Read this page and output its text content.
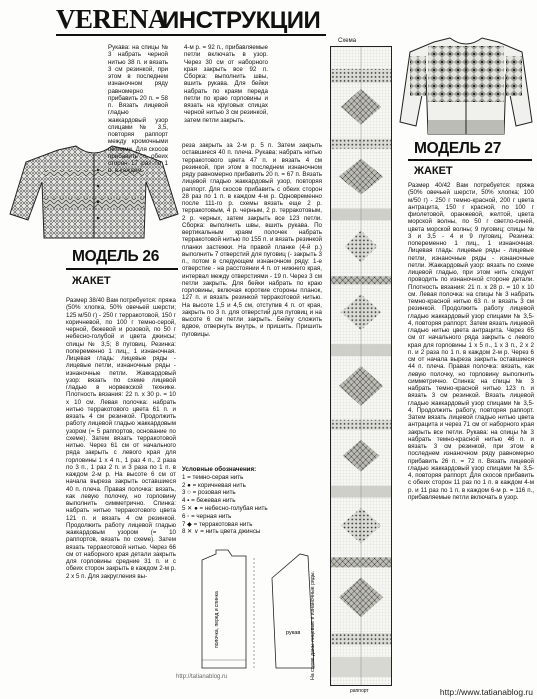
VERENA
ИНСТРУКЦИИ
МОДЕЛЬ 26
ЖАКЕТ

Рукава: на спицы № 3 набрать черной нитью 38 п. и вязать 3 см резинкой, при этом в последнем изнаночном ряду равномерно прибавить 20 п. = 58 п. Вязать лицевой гладью жаккардовый узор спицами № 3,5, повторяя раппорт между кромочными петлями. Для скосов прибавить с обеих сторон 17 раз по 1 п. в каждом

4-м р. = 92 п., прибавляемые петли включать в узор. Через 30 см от наборного края закрыть все 92 п. Сборка: выполнить швы, вшить рукава. Для бейки набрать по краям переда петли по краю горловины и вязать на круговых спицах черной нитью 3 см резинкой, затем петли закрыть.

реза закрыть за 2-м р. 5 п. Затем закрыть оставшиеся 40 п. плеча. Рукава: набрать нитью терракотового цвета 47 п. и вязать 4 см резинкой, при этом в последнем изнаночном ряду равномерно прибавить 20 п. = 67 п. Вязать лицевой гладью жаккардовый узор, повторяя раппорт. Для скосов прибавить с обеих сторон 28 раз по 1 п. в каждом 4-м р. Одновременно после 111-го р. схемы вязать еще 2 р. терракотовым, 4 р. черным, 2 р. терракотовым, 2 р. черных, затем закрыть все 123 петли. Сборка: выполнить швы, вшить рукава. По вертикальным краям полочек набрать терракотовой нитью по 155 п. и вязать резинкой планки застежки. На правой планке (4-й р.) выполнить 7 отверстий для пуговиц (- закрыть 3 п., потом в следующем изнаночном ряду: 1-е отверстие - на расстоянии 4 п. от нижнего края, интервал между отверстиями - 19 п. Через 3 см петли закрыть. Для бейки набрать по краю горловины, включая короткие стороны планок, 127 п. и вязать резинкой терракотовой нитью. На высоте 1,5 и 4,5 см, отступив 4 п. от края, закрыть по 3 п. для отверстий для пуговиц и на высоте 6 см петли закрыть. Бейку сложить вдвое, отвернуть внутрь, и пришить. Пришить пуговицы.

Размер 38/40 Вам потребуется: пряжа (50% хлопка, 50% овечьей шерсти; 125 м/50 г) - 250 г терракотовой, 150 г коричневой, по 100 г темно-серой, черной, бежевой и розовой, по 50 г небесно-голубой и цвета джинсы; спицы № 3,5; 8 пуговиц. Резинка: попеременно 1 лиц., 1 изнаночная. Лицевая гладь: лицевые ряды - лицевые петли, изнаночные ряды - изнаночные петли. Жаккардовый узор: вязать по схеме лицевой гладью в норвежской технике. Плотность вязания: 22 п. х 30 р. = 10 х 10 см. Левая полочка: набрать нитью терракотового цвета 61 п. и вязать 4 см резинкой. Продолжить работу лицевой гладью жаккардовым узором (= 5 раппортов, основание по схеме). Затем вязать терракотовой нитью. Через 61 см от начального ряда закрыть с левого края для горловины 1 х 4 п., 1 раз 4 п., 2 раза по 3 п., 1 раз 2 п. и 3 раза по 1 п. в каждом 2-м р. На высоте 6 см от начала выреза закрыть оставшиеся 40 п. плеча. Правая полочка: вязать, как левую полочку, но горловину выполнить симметрично. Спинка: набрать нитью терракотового цвета 121 п. и вязать 4 см резинкой. Продолжить работу лицевой гладью жаккардовым узором (= 10 раппортов, вязать по схеме). Затем вязать терракотовой нитью. Через 66 см от наборного края детали закрыть для горловины средние 31 п. и с обеих сторон закрыть в каждом 2-м р. 2 х 5 п. Для закругления вы-

Условные обозначения:
1 = темно-серая нить
2 ● = коричневая нить
3 ○ = розовая нить
4 ▪ = бежевая нить
5 ✕ ● = небесно-голубая нить
6 ◦ = черная нить
7 ◆ = терракотовая нить
8 ✕ ∨ = нить цвета джинсы
полочка, перед и спинка	рукав
Схема
На схеме даны лицевые и изнаночные ряды.
раппорт
МОДЕЛЬ 27
ЖАКЕТ

Размер 40/42 Вам потребуется: пряжа (50% овечьей шерсти, 50% хлопка; 100 м/50 г) - 250 г темно-красной, 200 г цвета антрацита, 150 г красной, по 100 г фиолетовой, оранжевой, желтой, цвета морской волны, по 50 г светло-синей, цвета морской волны; 9 пуговиц; спицы № 3 и 3,5 - 4 и 9 пуговиц. Резинка: попеременно 1 лиц., 1 изнаночная. Лицевая гладь: лицевые ряды - лицевые петли, изнаночные ряды - изнаночные петли. Жаккардовый узор: вязать по схеме лицевой гладью, при этом нить следует проводить по изнаночной стороне детали. Плотность вязания: 21 п. х 28 р. = 10 х 10 см. Левая полочка: на спицы № 3 набрать темно-красной нитью 63 п. и вязать 3 см резинкой. Продолжить работу лицевой гладью жаккардовый узор спицами № 3,5-4, повторяя раппорт. Затем вязать лицевой гладью нитью цвета антрацита. Через 65 см от начального ряда закрыть с левого края для горловины 1 х 5 п., 1 х 3 п., 2 х 2 п. и 2 раза по 1 п. в каждом 2-м р. Через 6 см от начала выреза закрыть оставшиеся 44 п. плеча. Правая полочка: вязать, как левую полочку, но горловину выполнить симметрично. Спинка: на спицы № 3 набрать темно-красной нитью 123 п. и вязать 3 см резинкой. Вязать лицевой гладью жаккардовый узор спицами № 3,5-4. Продолжить работу, повторяя раппорт. Затем вязать лицевой гладью нитью цвета антрацита и через 71 см от наборного края закрыть все петли. Рукава: на спицы № 3 набрать темно-красной нитью 46 п. и вязать 3 см резинкой, при этом в последнем изнаночном ряду равномерно прибавить 26 п. = 72 п. Вязать лицевой гладью жаккардовый узор спицами № 3,5-4, повторяя раппорт. Для скосов прибавить с обеих сторон 11 раз по 1 п. в каждом 4-м р. и 11 раз по 1 п. в каждом 6-м р. = 116 п., прибавляемые петли включать в узор.

http://tatianablog.ru
http://www.tatianablog.ru
